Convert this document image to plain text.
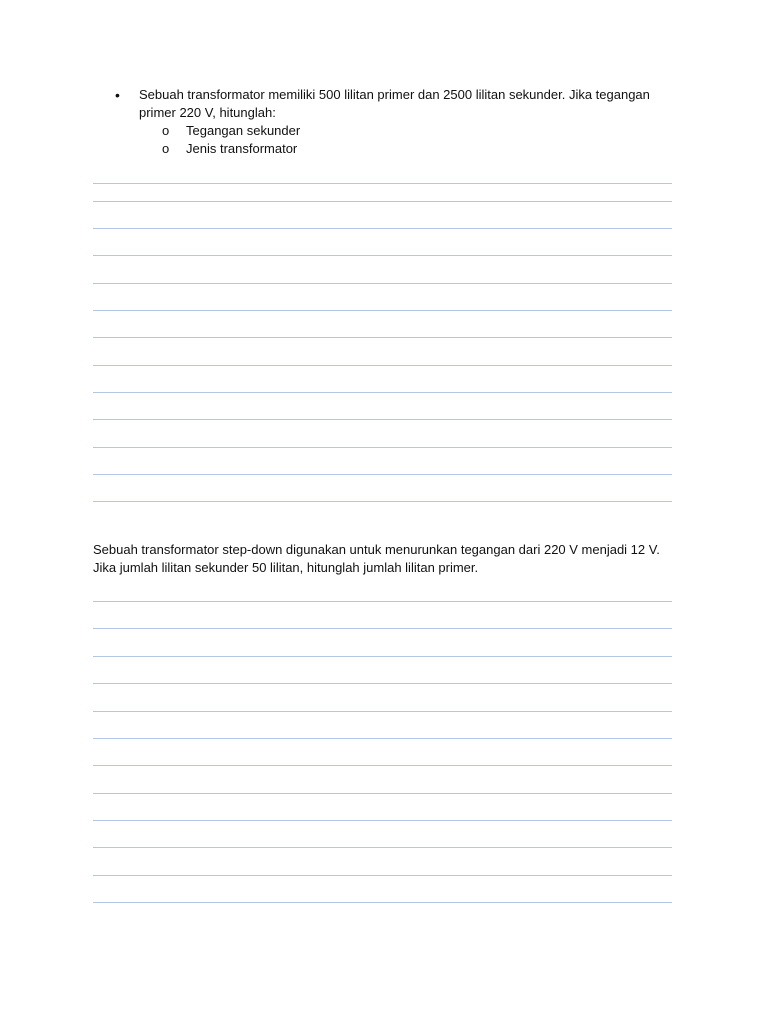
• Sebuah transformator memiliki 500 lilitan primer dan 2500 lilitan sekunder. Jika tegangan primer 220 V, hitunglah:
o Tegangan sekunder
o Jenis transformator
Sebuah transformator step-down digunakan untuk menurunkan tegangan dari 220 V menjadi 12 V. Jika jumlah lilitan sekunder 50 lilitan, hitunglah jumlah lilitan primer.
